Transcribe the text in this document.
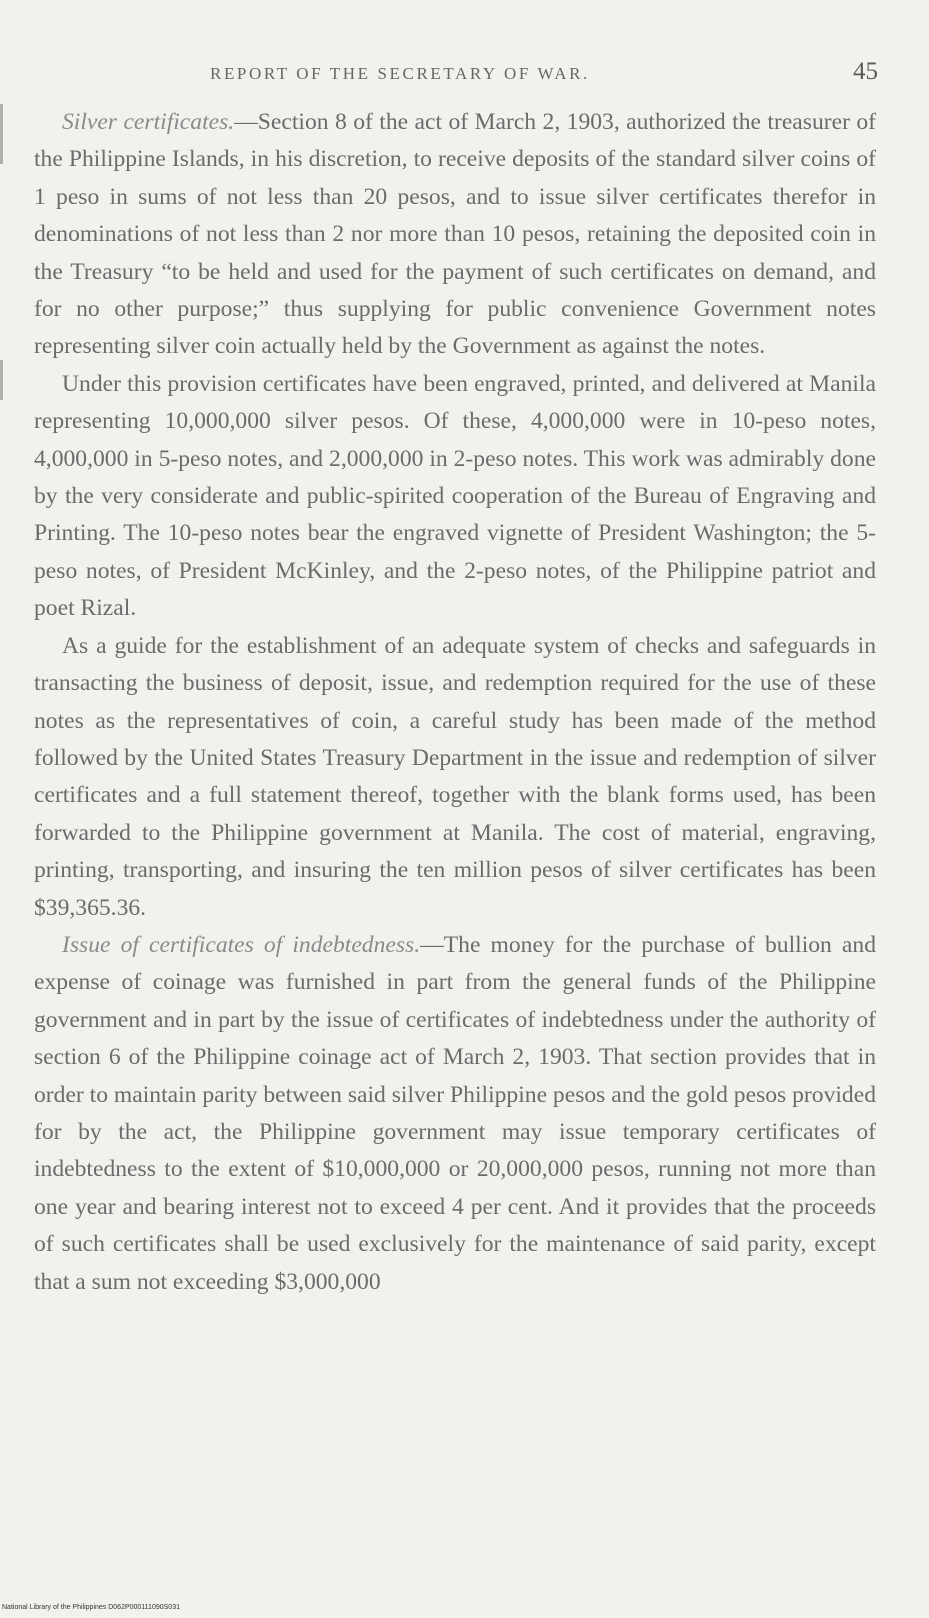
REPORT OF THE SECRETARY OF WAR.	45

Silver certificates.—Section 8 of the act of March 2, 1903, authorized the treasurer of the Philippine Islands, in his discretion, to receive deposits of the standard silver coins of 1 peso in sums of not less than 20 pesos, and to issue silver certificates therefor in denominations of not less than 2 nor more than 10 pesos, retaining the deposited coin in the Treasury “to be held and used for the payment of such certificates on demand, and for no other purpose;” thus supplying for public convenience Government notes representing silver coin actually held by the Government as against the notes.

Under this provision certificates have been engraved, printed, and delivered at Manila representing 10,000,000 silver pesos. Of these, 4,000,000 were in 10-peso notes, 4,000,000 in 5-peso notes, and 2,000,000 in 2-peso notes. This work was admirably done by the very considerate and public-spirited cooperation of the Bureau of Engraving and Printing. The 10-peso notes bear the engraved vignette of President Washington; the 5-peso notes, of President McKinley, and the 2-peso notes, of the Philippine patriot and poet Rizal.

As a guide for the establishment of an adequate system of checks and safeguards in transacting the business of deposit, issue, and redemption required for the use of these notes as the representatives of coin, a careful study has been made of the method followed by the United States Treasury Department in the issue and redemption of silver certificates and a full statement thereof, together with the blank forms used, has been forwarded to the Philippine government at Manila. The cost of material, engraving, printing, transporting, and insuring the ten million pesos of silver certificates has been $39,365.36.

Issue of certificates of indebtedness.—The money for the purchase of bullion and expense of coinage was furnished in part from the general funds of the Philippine government and in part by the issue of certificates of indebtedness under the authority of section 6 of the Philippine coinage act of March 2, 1903. That section provides that in order to maintain parity between said silver Philippine pesos and the gold pesos provided for by the act, the Philippine government may issue temporary certificates of indebtedness to the extent of $10,000,000 or 20,000,000 pesos, running not more than one year and bearing interest not to exceed 4 per cent. And it provides that the proceeds of such certificates shall be used exclusively for the maintenance of said parity, except that a sum not exceeding $3,000,000

National Library of the Philippines D062P000111090S031
